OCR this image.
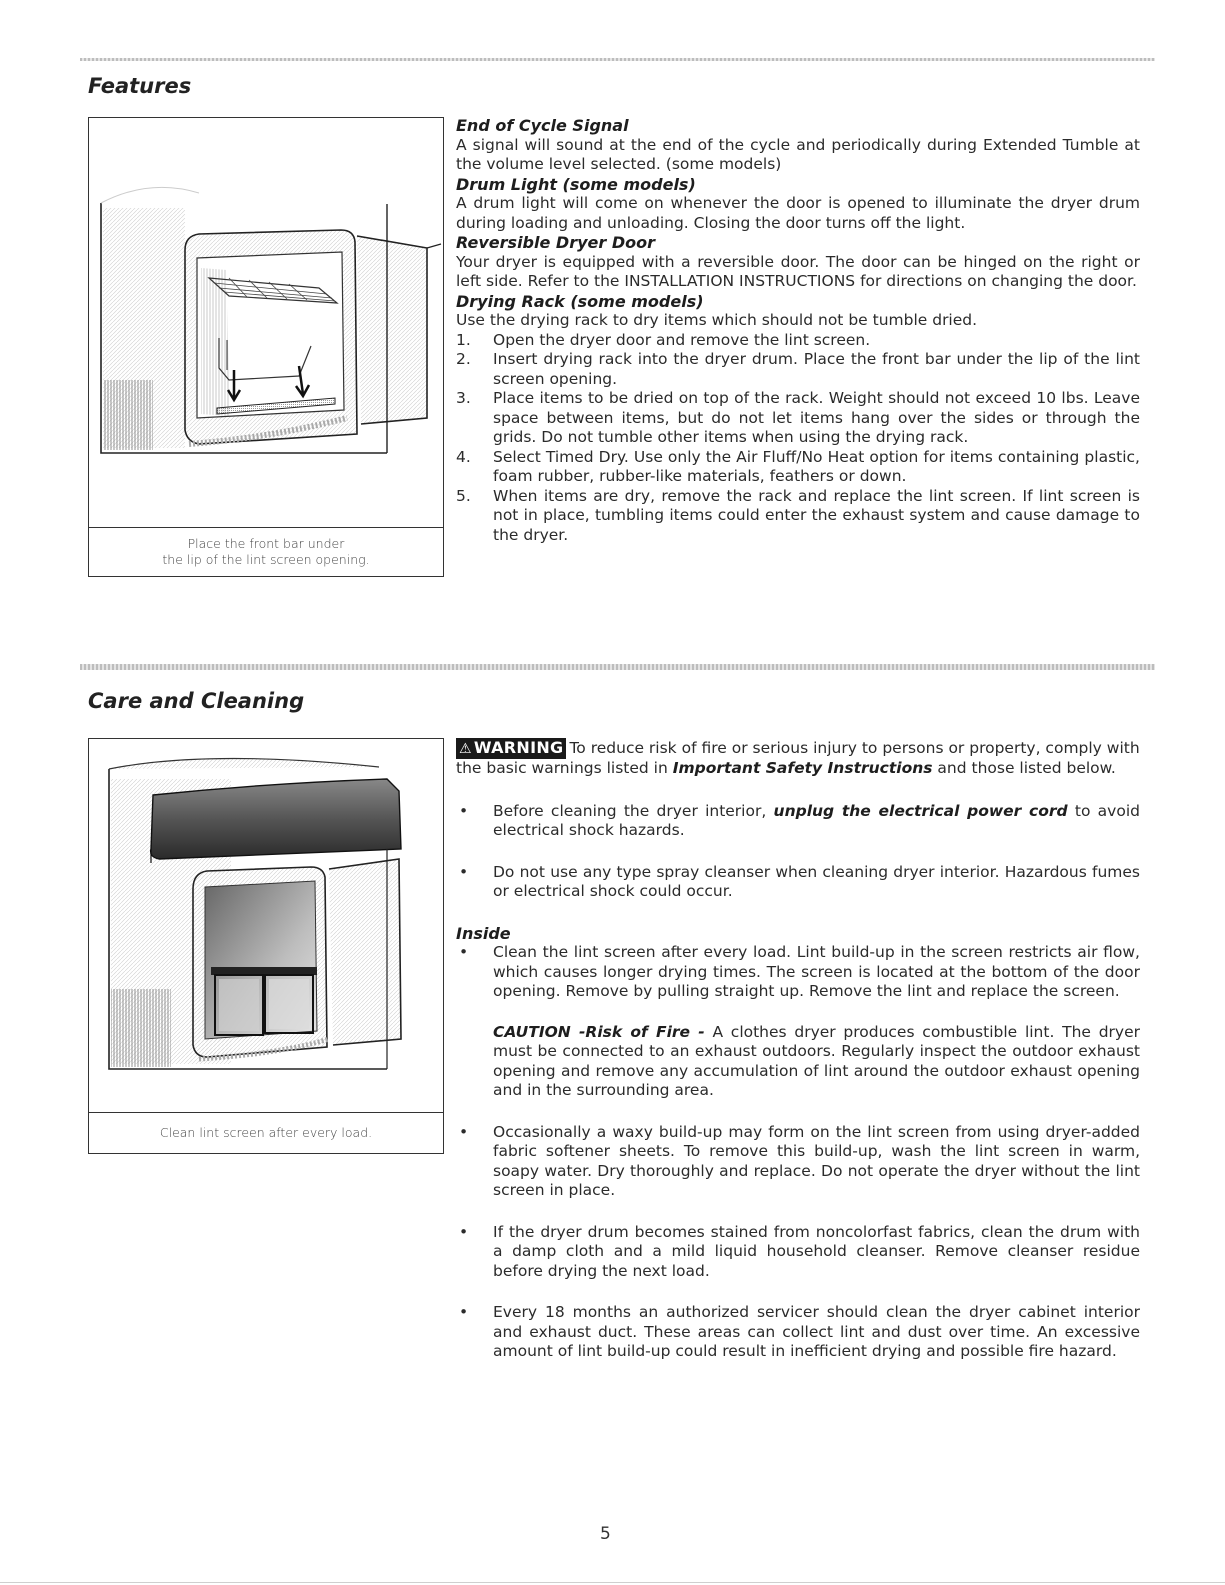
Features
Place the front bar under
the lip of the lint screen opening.

End of Cycle Signal

A signal will sound at the end of the cycle and periodically during Extended Tumble at the volume level selected. (some models)

Drum Light (some models)

A drum light will come on whenever the door is opened to illuminate the dryer drum during loading and unloading. Closing the door turns off the light.

Reversible Dryer Door

Your dryer is equipped with a reversible door. The door can be hinged on the right or left side. Refer to the INSTALLATION INSTRUCTIONS for directions on changing the door.

Drying Rack (some models)

Use the drying rack to dry items which should not be tumble dried.

1. Open the dryer door and remove the lint screen.
2. Insert drying rack into the dryer drum. Place the front bar under the lip of the lint screen opening.
3. Place items to be dried on top of the rack. Weight should not exceed 10 lbs. Leave space between items, but do not let items hang over the sides or through the grids. Do not tumble other items when using the drying rack.
4. Select Timed Dry. Use only the Air Fluff/No Heat option for items containing plastic, foam rubber, rubber-like materials, feathers or down.
5. When items are dry, remove the rack and replace the lint screen. If lint screen is not in place, tumbling items could enter the exhaust system and cause damage to the dryer.
Care and Cleaning
Clean lint screen after every load.

⚠ WARNING To reduce risk of fire or serious injury to persons or property, comply with the basic warnings listed in Important Safety Instructions and those listed below.

• Before cleaning the dryer interior, unplug the electrical power cord to avoid electrical shock hazards.
• Do not use any type spray cleanser when cleaning dryer interior. Hazardous fumes or electrical shock could occur.

Inside

• Clean the lint screen after every load. Lint build-up in the screen restricts air flow, which causes longer drying times. The screen is located at the bottom of the door opening. Remove by pulling straight up. Remove the lint and replace the screen.

CAUTION -Risk of Fire - A clothes dryer produces combustible lint. The dryer must be connected to an exhaust outdoors. Regularly inspect the outdoor exhaust opening and remove any accumulation of lint around the outdoor exhaust opening and in the surrounding area.

• Occasionally a waxy build-up may form on the lint screen from using dryer-added fabric softener sheets. To remove this build-up, wash the lint screen in warm, soapy water. Dry thoroughly and replace. Do not operate the dryer without the lint screen in place.
• If the dryer drum becomes stained from noncolorfast fabrics, clean the drum with a damp cloth and a mild liquid household cleanser. Remove cleanser residue before drying the next load.
• Every 18 months an authorized servicer should clean the dryer cabinet interior and exhaust duct. These areas can collect lint and dust over time. An excessive amount of lint build-up could result in inefficient drying and possible fire hazard.
5
